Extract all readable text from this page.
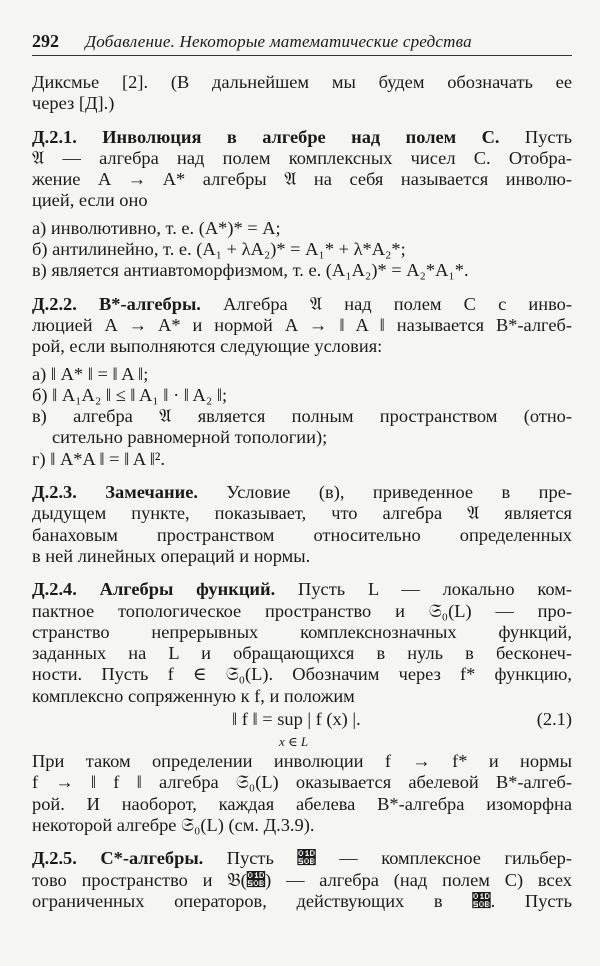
292 Добавление. Некоторые математические средства
Диксмье [2]. (В дальнейшем мы будем обозначать ее
через [Д].)
Д.2.1. Инволюция в алгебре над полем C. Пусть
𝔄 — алгебра над полем комплексных чисел C. Отобра-
жение A → A* алгебры 𝔄 на себя называется инволю-
цией, если оно
а) инволютивно, т. е. (A*)* = A;
б) антилинейно, т. е. (A₁ + λA₂)* = A₁* + λ*A₂*;
в) является антиавтоморфизмом, т. е. (A₁A₂)* = A₂*A₁*.
Д.2.2. B*-алгебры. Алгебра 𝔄 над полем C с инво-
люцией A → A* и нормой A → ‖ A ‖ называется B*-алгеб-
рой, если выполняются следующие условия:
а) ‖ A* ‖ = ‖ A ‖;
б) ‖ A₁A₂ ‖ ≤ ‖ A₁ ‖ · ‖ A₂ ‖;
в) алгебра 𝔄 является полным пространством (отно-
сительно равномерной топологии);
г) ‖ A*A ‖ = ‖ A ‖².
Д.2.3. Замечание. Условие (в), приведенное в пре-
дыдущем пункте, показывает, что алгебра 𝔄 является
банаховым пространством относительно определенных
в ней линейных операций и нормы.
Д.2.4. Алгебры функций. Пусть L — локально ком-
пактное топологическое пространство и 𝔖₀(L) — про-
странство непрерывных комплекснозначных функций,
заданных на L и обращающихся в нуль в бесконеч-
ности. Пусть f ∈ 𝔖₀(L). Обозначим через f* функцию,
комплексно сопряженную к f, и положим
‖ f ‖ = sup | f (x) |.
x ∈ L
(2.1)
При таком определении инволюции f → f* и нормы
f → ‖ f ‖ алгебра 𝔖₀(L) оказывается абелевой B*-алгеб-
рой. И наоборот, каждая абелева B*-алгебра изоморфна
некоторой алгебре 𝔖₀(L) (см. Д.3.9).
Д.2.5. C*-алгебры. Пусть 𝔋 — комплексное гильбер-
тово пространство и 𝔅(𝔋) — алгебра (над полем C) всех
ограниченных операторов, действующих в 𝔋. Пусть
